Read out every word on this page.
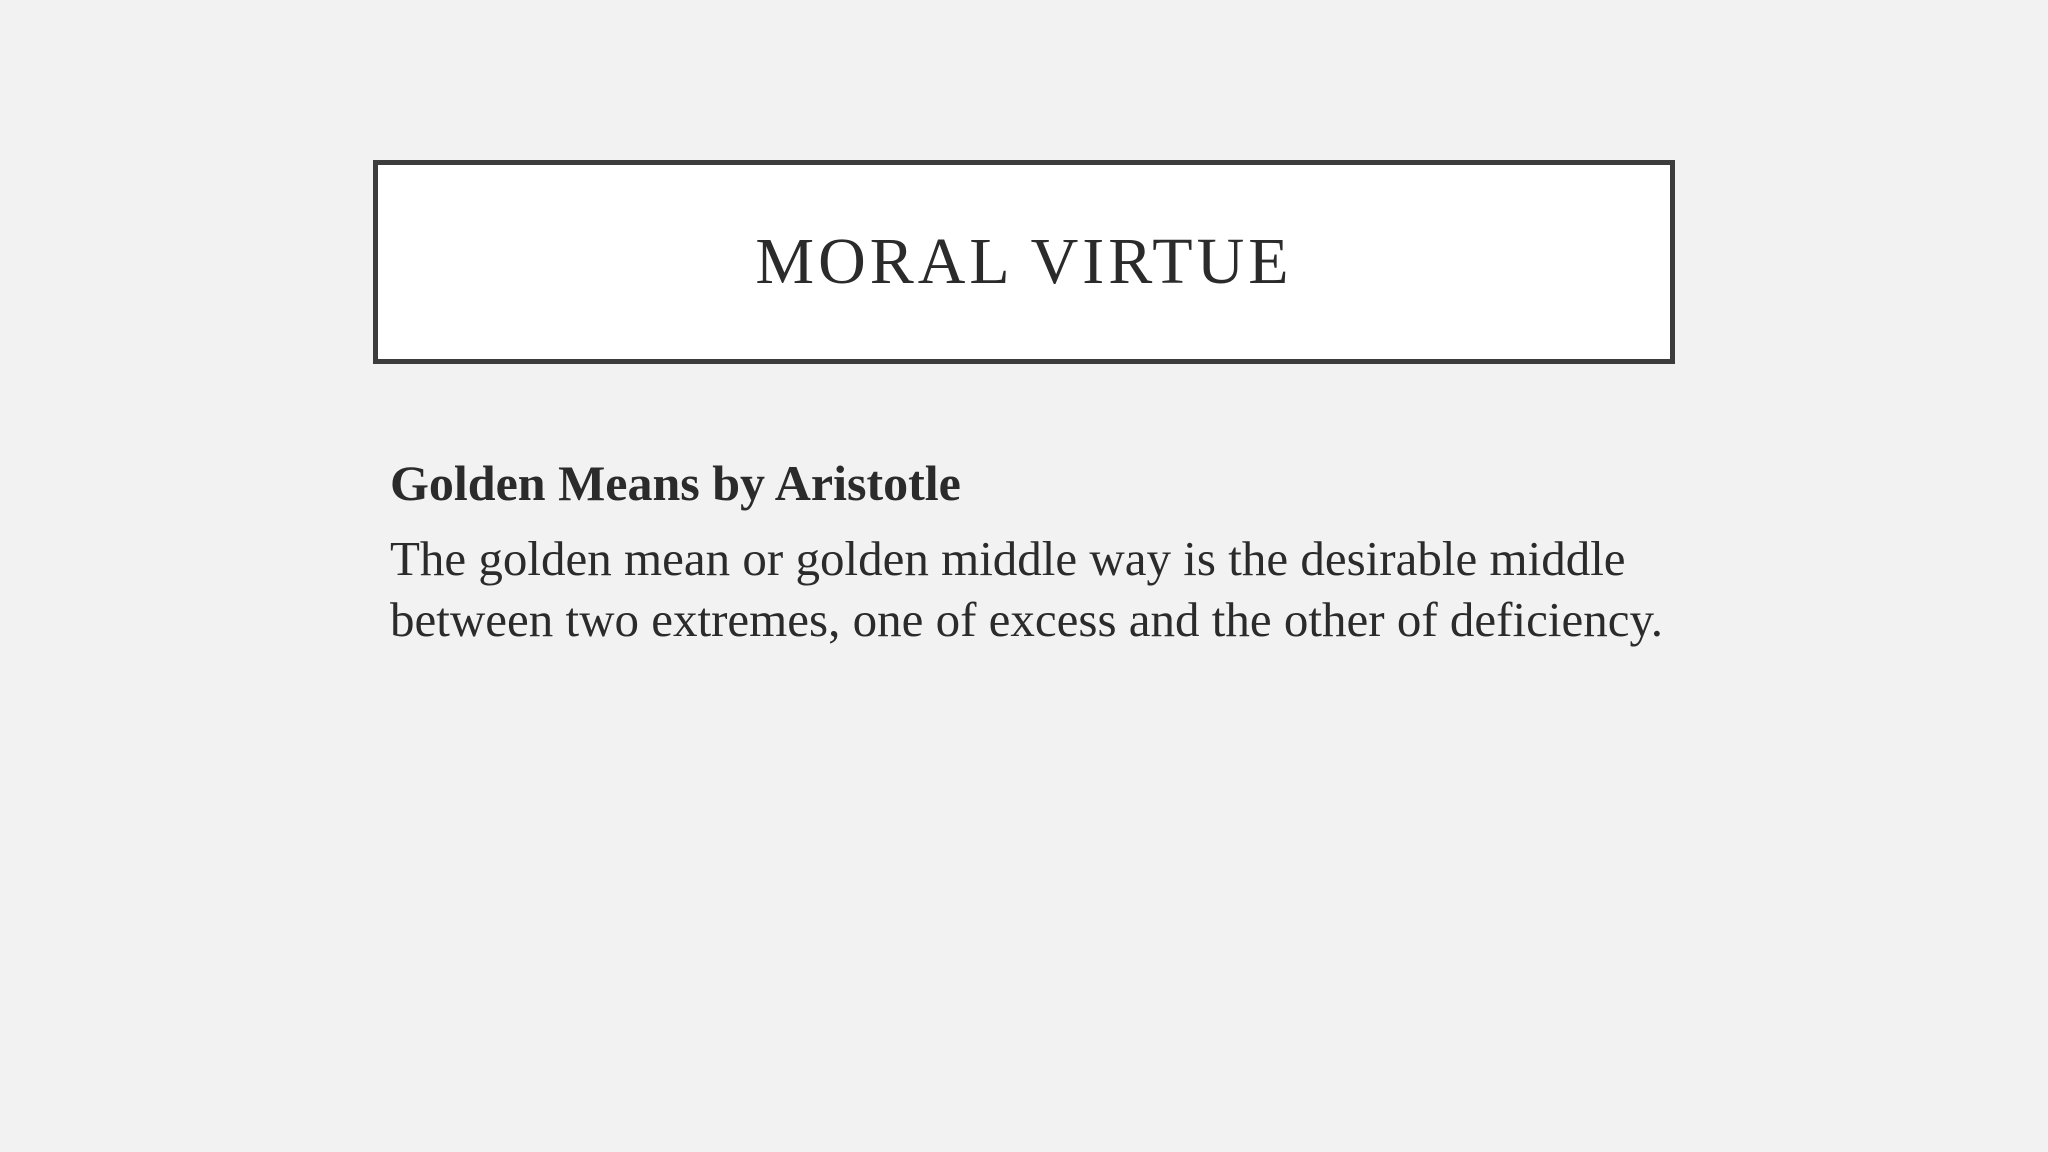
MORAL VIRTUE

Golden Means by Aristotle

The golden mean or golden middle way is the desirable middle between two extremes, one of excess and the other of deficiency.
